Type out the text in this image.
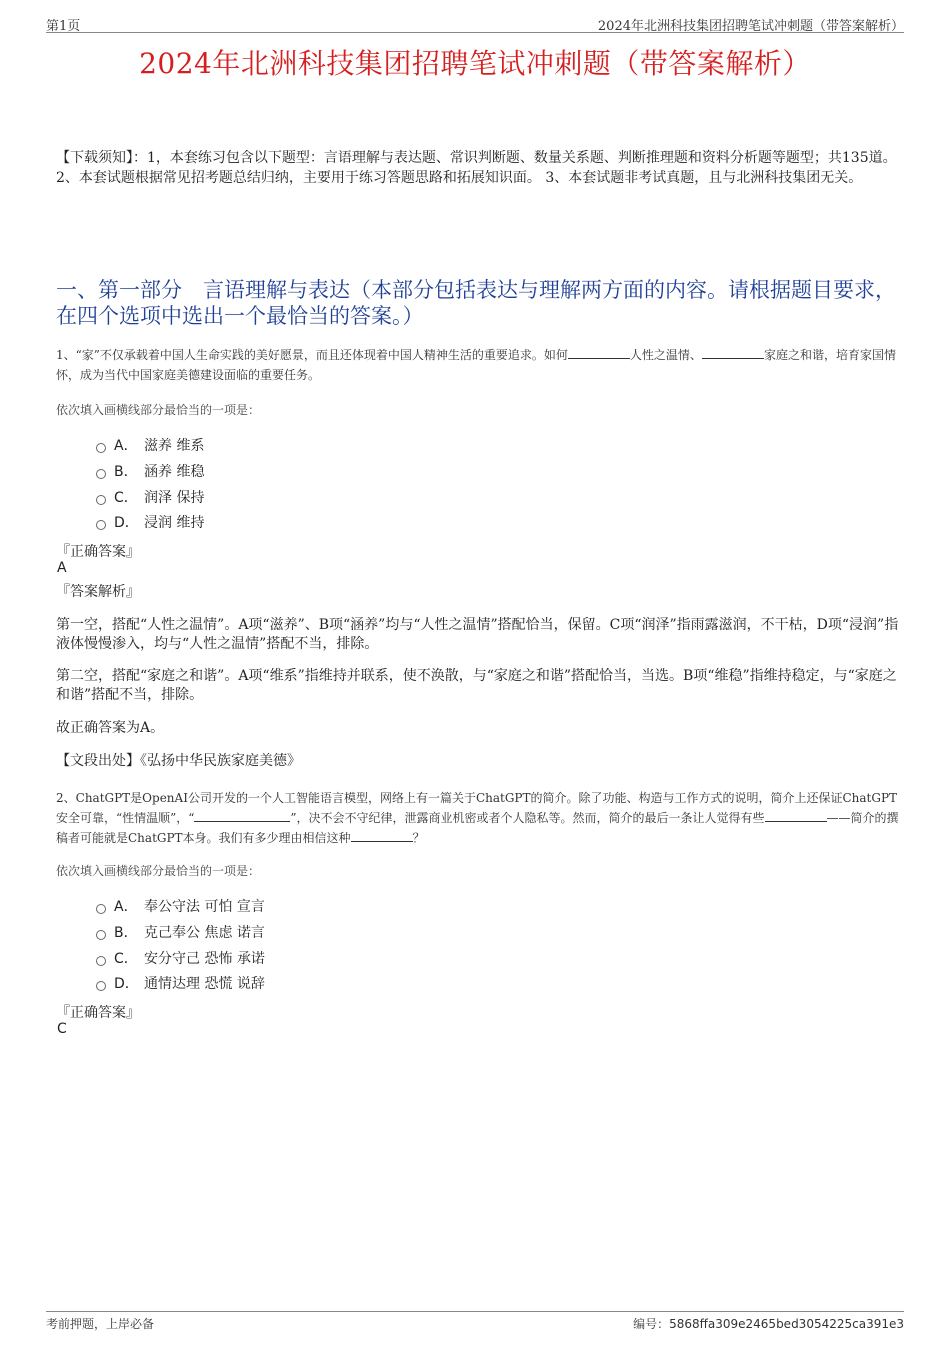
第1页	2024年北洲科技集团招聘笔试冲刺题（带答案解析）
2024年北洲科技集团招聘笔试冲刺题（带答案解析）
【下载须知】：1，本套练习包含以下题型：言语理解与表达题、常识判断题、数量关系题、判断推理题和资料分析题等题型；共135道。 2、本套试题根据常见招考题总结归纳，主要用于练习答题思路和拓展知识面。 3、本套试题非考试真题，且与北洲科技集团无关。
一、第一部分　言语理解与表达（本部分包括表达与理解两方面的内容。请根据题目要求，在四个选项中选出一个最恰当的答案。）
1、“家”不仅承载着中国人生命实践的美好愿景，而且还体现着中国人精神生活的重要追求。如何	人性之温情、	家庭之和谐，培育家国情怀，成为当代中国家庭美德建设面临的重要任务。
依次填入画横线部分最恰当的一项是：
A． 滋养 维系
B． 涵养 维稳
C． 润泽 保持
D． 浸润 维持
『正确答案』
A
『答案解析』
第一空，搭配“人性之温情”。A项“滋养”、B项“涵养”均与“人性之温情”搭配恰当，保留。C项“润泽”指雨露滋润，不干枯，D项“浸润”指液体慢慢渗入，均与“人性之温情”搭配不当，排除。
第二空，搭配“家庭之和谐”。A项“维系”指维持并联系，使不涣散，与“家庭之和谐”搭配恰当，当选。B项“维稳”指维持稳定，与“家庭之和谐”搭配不当，排除。
故正确答案为A。
【文段出处】《弘扬中华民族家庭美德》
2、ChatGPT是OpenAI公司开发的一个人工智能语言模型，网络上有一篇关于ChatGPT的简介。除了功能、构造与工作方式的说明，简介上还保证ChatGPT安全可靠，“性情温顺”，“	”，决不会不守纪律，泄露商业机密或者个人隐私等。然而，简介的最后一条让人觉得有些	——简介的撰稿者可能就是ChatGPT本身。我们有多少理由相信这种	？
依次填入画横线部分最恰当的一项是：
A． 奉公守法 可怕 宣言
B． 克己奉公 焦虑 诺言
C． 安分守己 恐怖 承诺
D． 通情达理 恐慌 说辞
『正确答案』
C
考前押题，上岸必备	编号：5868ffa309e2465bed3054225ca391e3
